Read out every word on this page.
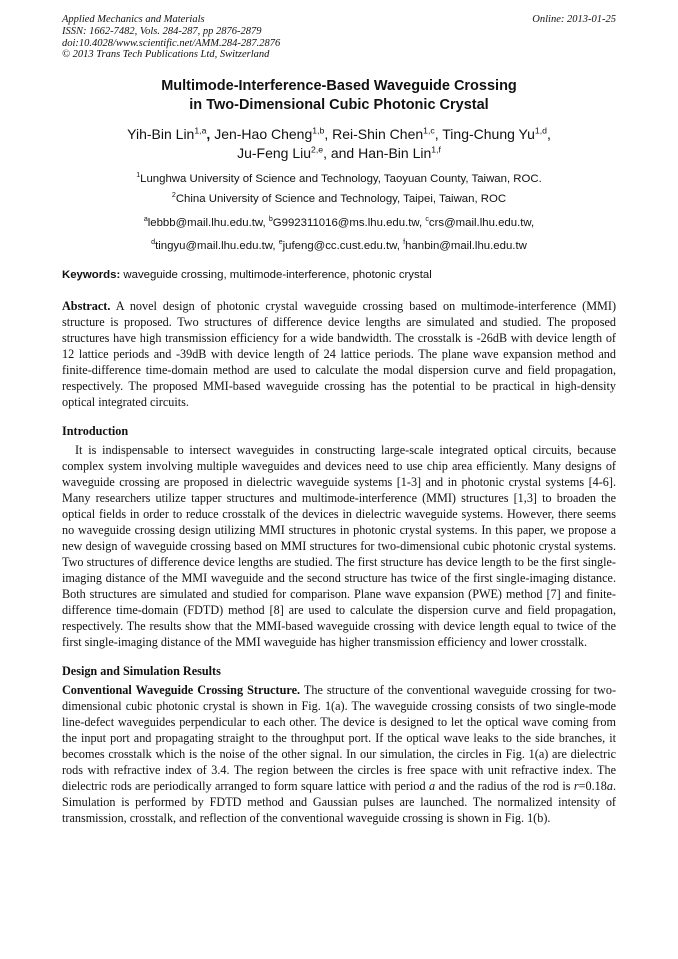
Applied Mechanics and Materials
ISSN: 1662-7482, Vols. 284-287, pp 2876-2879
doi:10.4028/www.scientific.net/AMM.284-287.2876
© 2013 Trans Tech Publications Ltd, Switzerland
Online: 2013-01-25
Multimode-Interference-Based Waveguide Crossing
in Two-Dimensional Cubic Photonic Crystal
Yih-Bin Lin$^{1,a}$, Jen-Hao Cheng$^{1,b}$, Rei-Shin Chen$^{1,c}$, Ting-Chung Yu$^{1,d}$,
Ju-Feng Liu$^{2,e}$, and Han-Bin Lin$^{1,f}$
$^1$Lunghwa University of Science and Technology, Taoyuan County, Taiwan, ROC.
$^2$China University of Science and Technology, Taipei, Taiwan, ROC
$^a$lebbb@mail.lhu.edu.tw, $^b$G992311016@ms.lhu.edu.tw, $^c$crs@mail.lhu.edu.tw,
$^d$tingyu@mail.lhu.edu.tw, $^e$jufeng@cc.cust.edu.tw, $^f$hanbin@mail.lhu.edu.tw
Keywords: waveguide crossing, multimode-interference, photonic crystal
Abstract. A novel design of photonic crystal waveguide crossing based on multimode-interference (MMI) structure is proposed. Two structures of difference device lengths are simulated and studied. The proposed structures have high transmission efficiency for a wide bandwidth. The crosstalk is -26dB with device length of 12 lattice periods and -39dB with device length of 24 lattice periods. The plane wave expansion method and finite-difference time-domain method are used to calculate the modal dispersion curve and field propagation, respectively. The proposed MMI-based waveguide crossing has the potential to be practical in high-density optical integrated circuits.
Introduction
It is indispensable to intersect waveguides in constructing large-scale integrated optical circuits, because complex system involving multiple waveguides and devices need to use chip area efficiently. Many designs of waveguide crossing are proposed in dielectric waveguide systems [1-3] and in photonic crystal systems [4-6]. Many researchers utilize tapper structures and multimode-interference (MMI) structures [1,3] to broaden the optical fields in order to reduce crosstalk of the devices in dielectric waveguide systems. However, there seems no waveguide crossing design utilizing MMI structures in photonic crystal systems. In this paper, we propose a new design of waveguide crossing based on MMI structures for two-dimensional cubic photonic crystal systems. Two structures of difference device lengths are studied. The first structure has device length to be the first single-imaging distance of the MMI waveguide and the second structure has twice of the first single-imaging distance. Both structures are simulated and studied for comparison. Plane wave expansion (PWE) method [7] and finite-difference time-domain (FDTD) method [8] are used to calculate the dispersion curve and field propagation, respectively. The results show that the MMI-based waveguide crossing with device length equal to twice of the first single-imaging distance of the MMI waveguide has higher transmission efficiency and lower crosstalk.
Design and Simulation Results
Conventional Waveguide Crossing Structure. The structure of the conventional waveguide crossing for two-dimensional cubic photonic crystal is shown in Fig. 1(a). The waveguide crossing consists of two single-mode line-defect waveguides perpendicular to each other. The device is designed to let the optical wave coming from the input port and propagating straight to the throughput port. If the optical wave leaks to the side branches, it becomes crosstalk which is the noise of the other signal. In our simulation, the circles in Fig. 1(a) are dielectric rods with refractive index of 3.4. The region between the circles is free space with unit refractive index. The dielectric rods are periodically arranged to form square lattice with period a and the radius of the rod is r=0.18a. Simulation is performed by FDTD method and Gaussian pulses are launched. The normalized intensity of transmission, crosstalk, and reflection of the conventional waveguide crossing is shown in Fig. 1(b).
